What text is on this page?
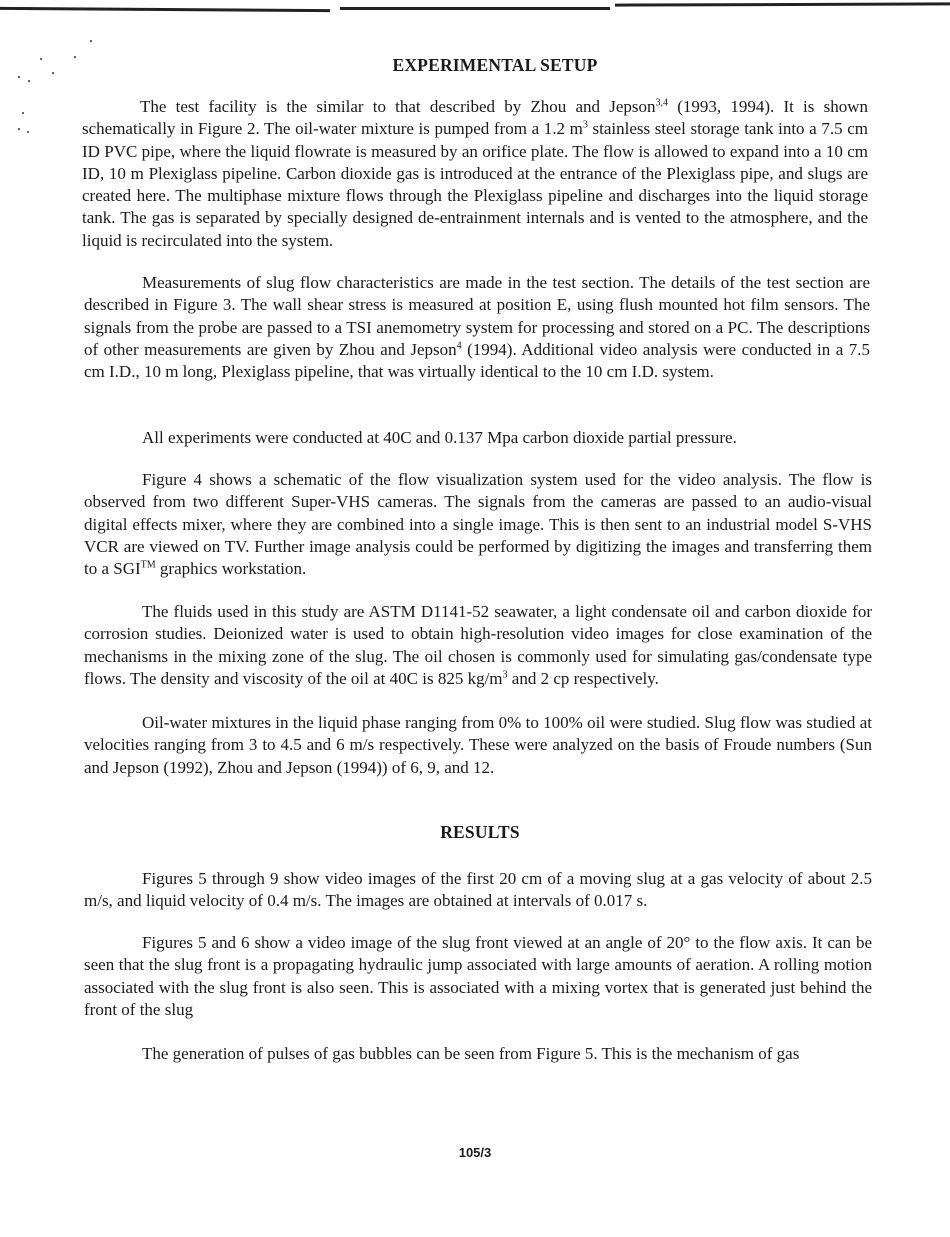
EXPERIMENTAL SETUP

The test facility is the similar to that described by Zhou and Jepson$^{3,4}$ (1993, 1994). It is shown schematically in Figure 2. The oil-water mixture is pumped from a 1.2 $m^3$ stainless steel storage tank into a 7.5 cm ID PVC pipe, where the liquid flowrate is measured by an orifice plate. The flow is allowed to expand into a 10 cm ID, 10 m Plexiglass pipeline. Carbon dioxide gas is introduced at the entrance of the Plexiglass pipe, and slugs are created here. The multiphase mixture flows through the Plexiglass pipeline and discharges into the liquid storage tank. The gas is separated by specially designed de-entrainment internals and is vented to the atmosphere, and the liquid is recirculated into the system.

Measurements of slug flow characteristics are made in the test section. The details of the test section are described in Figure 3. The wall shear stress is measured at position E, using flush mounted hot film sensors. The signals from the probe are passed to a TSI anemometry system for processing and stored on a PC. The descriptions of other measurements are given by Zhou and Jepson$^4$ (1994). Additional video analysis were conducted in a 7.5 cm I.D., 10 m long, Plexiglass pipeline, that was virtually identical to the 10 cm I.D. system.

All experiments were conducted at 40C and 0.137 Mpa carbon dioxide partial pressure.

Figure 4 shows a schematic of the flow visualization system used for the video analysis. The flow is observed from two different Super-VHS cameras. The signals from the cameras are passed to an audio-visual digital effects mixer, where they are combined into a single image. This is then sent to an industrial model S-VHS VCR are viewed on TV. Further image analysis could be performed by digitizing the images and transferring them to a SGI™ graphics workstation.

The fluids used in this study are ASTM D1141-52 seawater, a light condensate oil and carbon dioxide for corrosion studies. Deionized water is used to obtain high-resolution video images for close examination of the mechanisms in the mixing zone of the slug. The oil chosen is commonly used for simulating gas/condensate type flows. The density and viscosity of the oil at 40C is 825 $kg/m^3$ and 2 cp respectively.

Oil-water mixtures in the liquid phase ranging from 0% to 100% oil were studied. Slug flow was studied at velocities ranging from 3 to 4.5 and 6 m/s respectively. These were analyzed on the basis of Froude numbers (Sun and Jepson (1992), Zhou and Jepson (1994)) of 6, 9, and 12.

RESULTS

Figures 5 through 9 show video images of the first 20 cm of a moving slug at a gas velocity of about 2.5 m/s, and liquid velocity of 0.4 m/s. The images are obtained at intervals of 0.017 s.

Figures 5 and 6 show a video image of the slug front viewed at an angle of 20° to the flow axis. It can be seen that the slug front is a propagating hydraulic jump associated with large amounts of aeration. A rolling motion associated with the slug front is also seen. This is associated with a mixing vortex that is generated just behind the front of the slug

The generation of pulses of gas bubbles can be seen from Figure 5. This is the mechanism of gas

105/3
